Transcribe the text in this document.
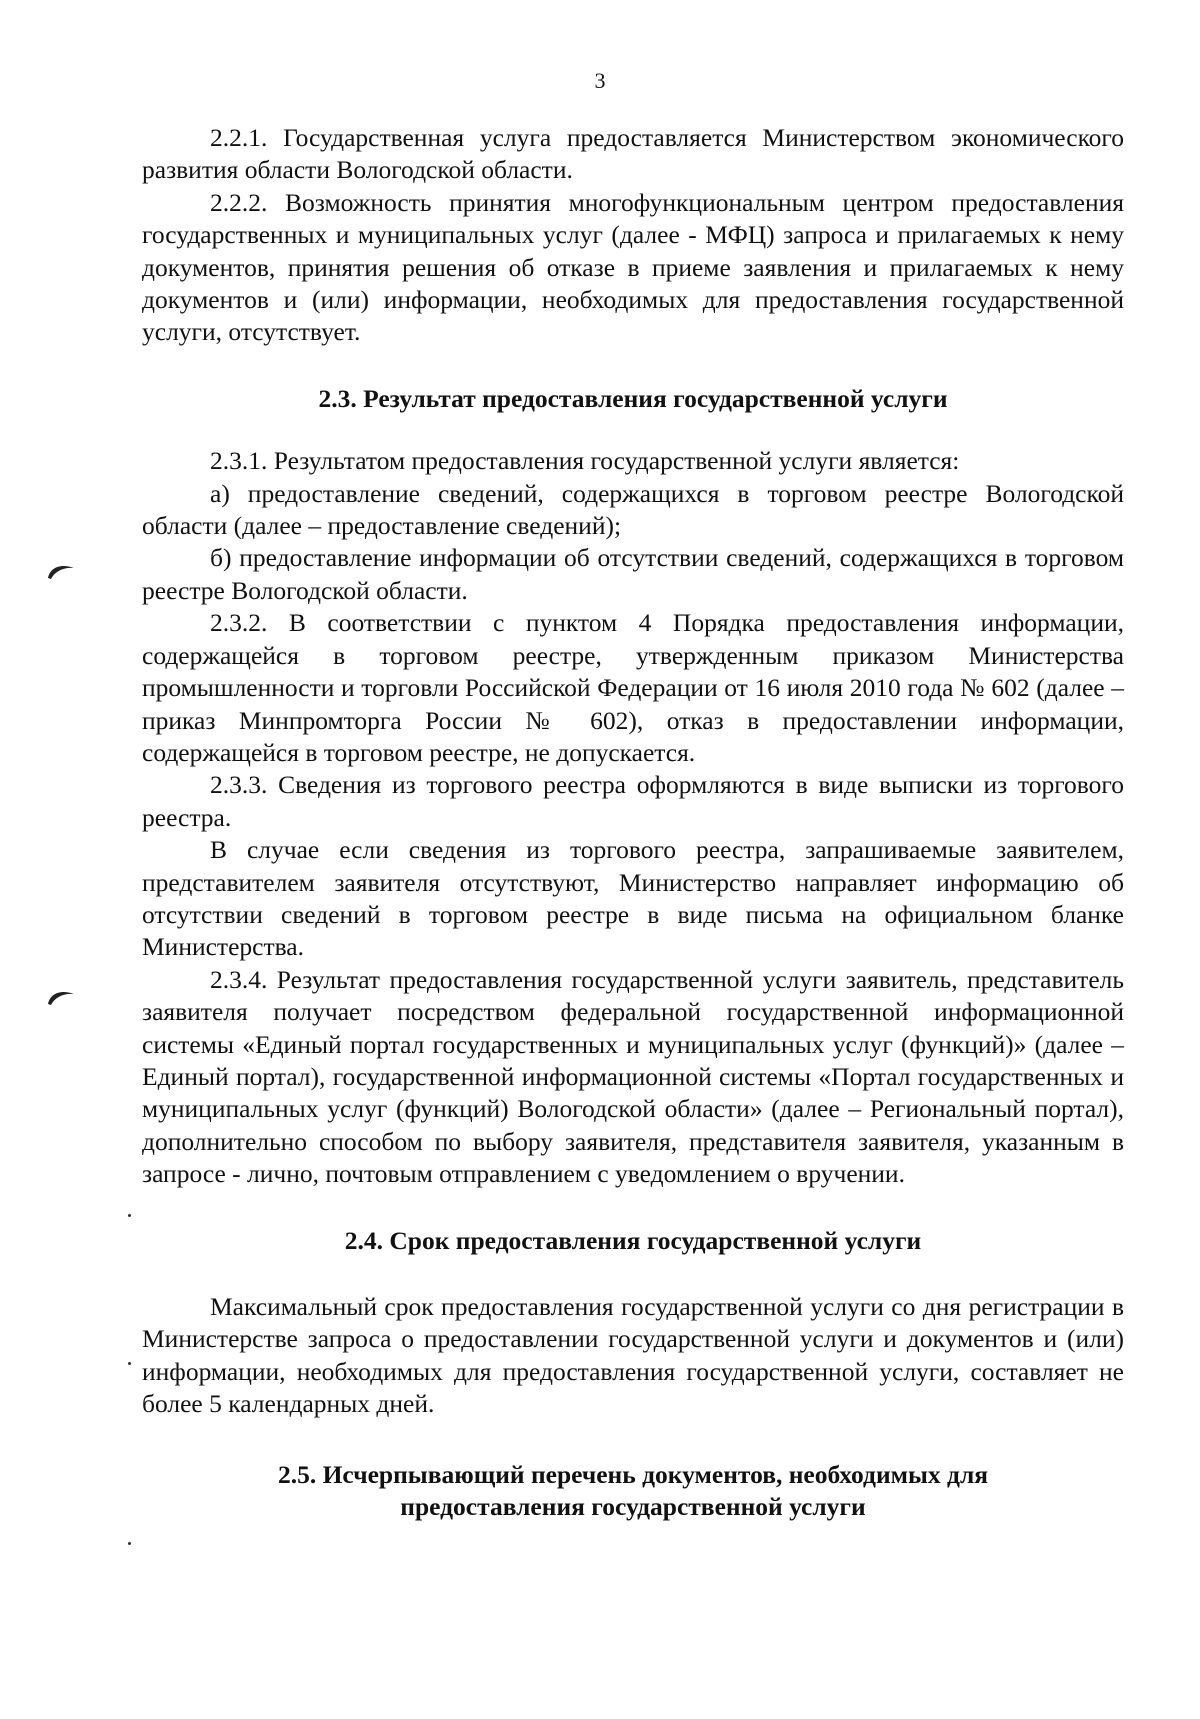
3

2.2.1. Государственная услуга предоставляется Министерством экономического развития области Вологодской области.

2.2.2. Возможность принятия многофункциональным центром предоставления государственных и муниципальных услуг (далее - МФЦ) запроса и прилагаемых к нему документов, принятия решения об отказе в приеме заявления и прилагаемых к нему документов и (или) информации, необходимых для предоставления государственной услуги, отсутствует.

2.3. Результат предоставления государственной услуги

2.3.1. Результатом предоставления государственной услуги является:

а) предоставление сведений, содержащихся в торговом реестре Вологодской области (далее – предоставление сведений);

б) предоставление информации об отсутствии сведений, содержащихся в торговом реестре Вологодской области.

2.3.2. В соответствии с пунктом 4 Порядка предоставления информации, содержащейся в торговом реестре, утвержденным приказом Министерства промышленности и торговли Российской Федерации от 16 июля 2010 года № 602 (далее – приказ Минпромторга России № 602), отказ в предоставлении информации, содержащейся в торговом реестре, не допускается.

2.3.3. Сведения из торгового реестра оформляются в виде выписки из торгового реестра.

В случае если сведения из торгового реестра, запрашиваемые заявителем, представителем заявителя отсутствуют, Министерство направляет информацию об отсутствии сведений в торговом реестре в виде письма на официальном бланке Министерства.

2.3.4. Результат предоставления государственной услуги заявитель, представитель заявителя получает посредством федеральной государственной информационной системы «Единый портал государственных и муниципальных услуг (функций)» (далее – Единый портал), государственной информационной системы «Портал государственных и муниципальных услуг (функций) Вологодской области» (далее – Региональный портал), дополнительно способом по выбору заявителя, представителя заявителя, указанным в запросе - лично, почтовым отправлением с уведомлением о вручении.

2.4. Срок предоставления государственной услуги

Максимальный срок предоставления государственной услуги со дня регистрации в Министерстве запроса о предоставлении государственной услуги и документов и (или) информации, необходимых для предоставления государственной услуги, составляет не более 5 календарных дней.

2.5. Исчерпывающий перечень документов, необходимых для

предоставления государственной услуги
